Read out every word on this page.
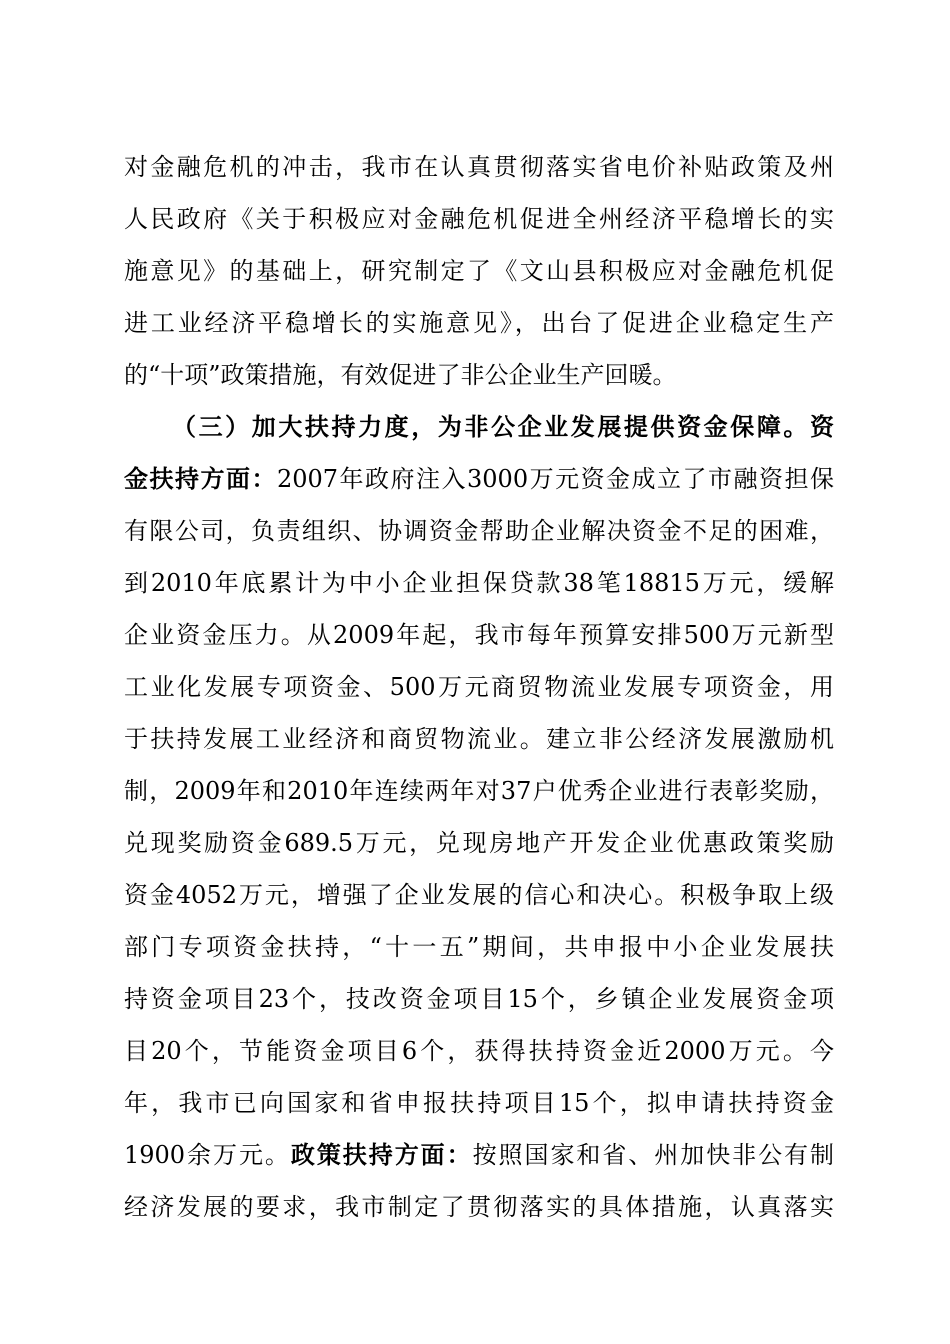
对金融危机的冲击，我市在认真贯彻落实省电价补贴政策及州
人民政府《关于积极应对金融危机促进全州经济平稳增长的实
施意见》的基础上，研究制定了《文山县积极应对金融危机促
进工业经济平稳增长的实施意见》，出台了促进企业稳定生产
的“十项”政策措施，有效促进了非公企业生产回暖。
（三）加大扶持力度，为非公企业发展提供资金保障。资
金扶持方面：2007年政府注入3000万元资金成立了市融资担保
有限公司，负责组织、协调资金帮助企业解决资金不足的困难，
到2010年底累计为中小企业担保贷款38笔18815万元，缓解
企业资金压力。从2009年起，我市每年预算安排500万元新型
工业化发展专项资金、500万元商贸物流业发展专项资金，用
于扶持发展工业经济和商贸物流业。建立非公经济发展激励机
制，2009年和2010年连续两年对37户优秀企业进行表彰奖励，
兑现奖励资金689.5万元，兑现房地产开发企业优惠政策奖励
资金4052万元，增强了企业发展的信心和决心。积极争取上级
部门专项资金扶持，“十一五”期间，共申报中小企业发展扶
持资金项目23个，技改资金项目15个，乡镇企业发展资金项
目20个，节能资金项目6个，获得扶持资金近2000万元。今
年，我市已向国家和省申报扶持项目15个，拟申请扶持资金
1900余万元。政策扶持方面：按照国家和省、州加快非公有制
经济发展的要求，我市制定了贯彻落实的具体措施，认真落实
